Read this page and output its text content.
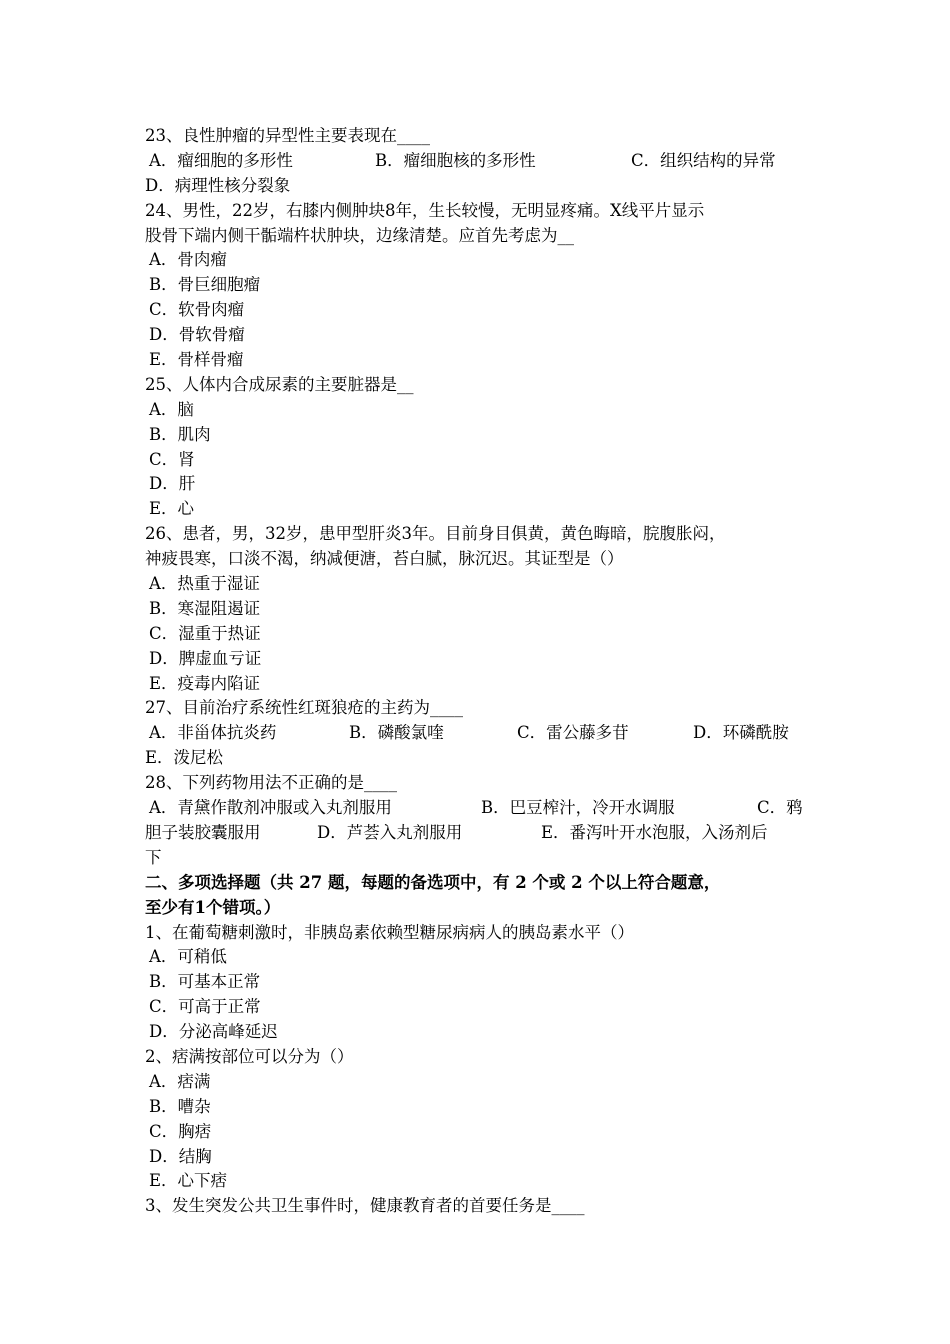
23、良性肿瘤的异型性主要表现在____
A．瘤细胞的多形性	B．瘤细胞核的多形性	C．组织结构的异常
D．病理性核分裂象
24、男性，22岁，右膝内侧肿块8年，生长较慢，无明显疼痛。X线平片显示
股骨下端内侧干骺端杵状肿块，边缘清楚。应首先考虑为__
A．骨肉瘤
B．骨巨细胞瘤
C．软骨肉瘤
D．骨软骨瘤
E．骨样骨瘤
25、人体内合成尿素的主要脏器是__
A．脑
B．肌肉
C．肾
D．肝
E．心
26、患者，男，32岁，患甲型肝炎3年。目前身目俱黄，黄色晦暗，脘腹胀闷，
神疲畏寒，口淡不渴，纳减便溏，苔白腻，脉沉迟。其证型是（）
A．热重于湿证
B．寒湿阻遏证
C．湿重于热证
D．脾虚血亏证
E．疫毒内陷证
27、目前治疗系统性红斑狼疮的主药为____
A．非甾体抗炎药	B．磷酸氯喹	C．雷公藤多苷	D．环磷酰胺
E．泼尼松
28、下列药物用法不正确的是____
A．青黛作散剂冲服或入丸剂服用	B．巴豆榨汁，冷开水调服	C．鸦
胆子装胶囊服用	D．芦荟入丸剂服用	E．番泻叶开水泡服，入汤剂后
下
二、多项选择题（共 27 题，每题的备选项中，有 2 个或 2 个以上符合题意，
至少有1个错项。）
1、在葡萄糖刺激时，非胰岛素依赖型糖尿病病人的胰岛素水平（）
A．可稍低
B．可基本正常
C．可高于正常
D．分泌高峰延迟
2、痞满按部位可以分为（）
A．痞满
B．嘈杂
C．胸痞
D．结胸
E．心下痞
3、发生突发公共卫生事件时，健康教育者的首要任务是____
